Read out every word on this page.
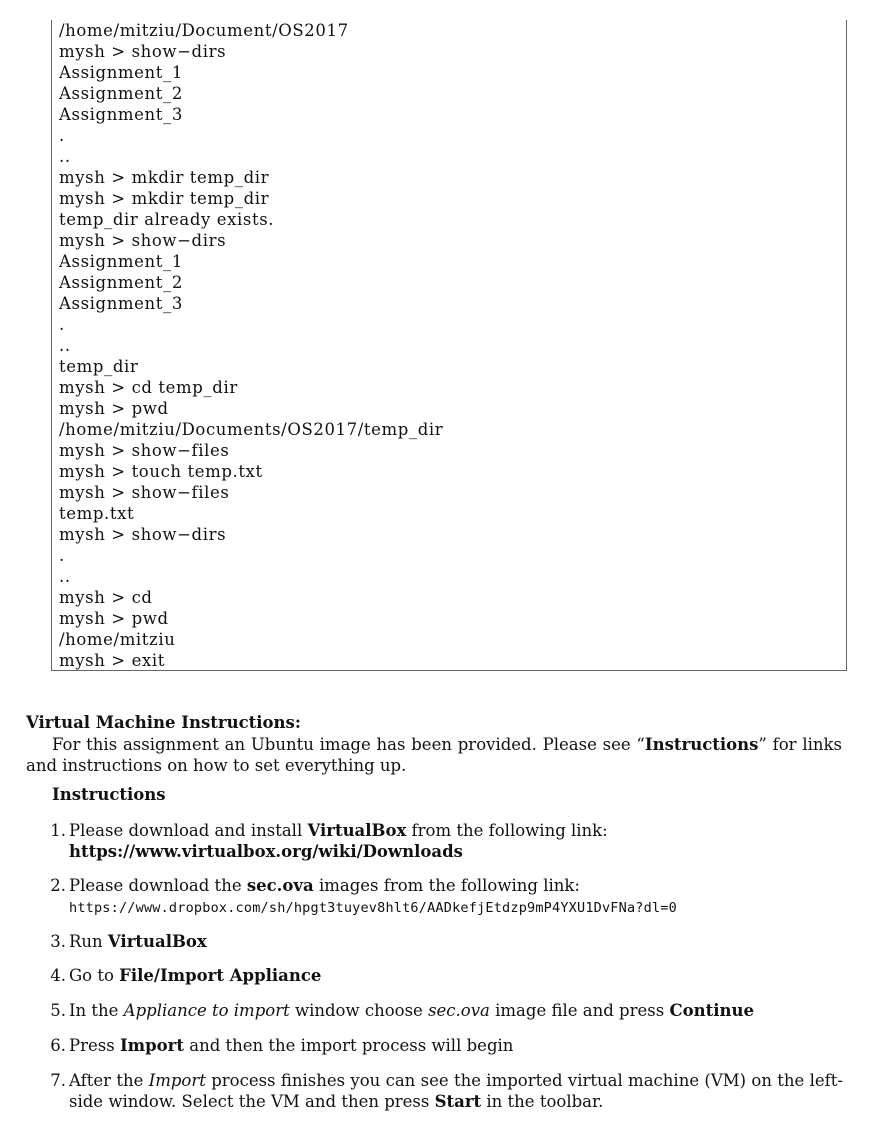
/home/mitziu/Document/OS2017
mysh > show−dirs
Assignment_1
Assignment_2
Assignment_3
.
..
mysh > mkdir temp_dir
mysh > mkdir temp_dir
temp_dir already exists.
mysh > show−dirs
Assignment_1
Assignment_2
Assignment_3
.
..
temp_dir
mysh > cd temp_dir
mysh > pwd
/home/mitziu/Documents/OS2017/temp_dir
mysh > show−files
mysh > touch temp.txt
mysh > show−files
temp.txt
mysh > show−dirs
.
..
mysh > cd
mysh > pwd
/home/mitziu
mysh > exit
Virtual Machine Instructions:
For this assignment an Ubuntu image has been provided. Please see “Instructions” for links and instructions on how to set everything up.
Instructions
1. Please download and install VirtualBox from the following link:
https://www.virtualbox.org/wiki/Downloads
2. Please download the sec.ova images from the following link:
https://www.dropbox.com/sh/hpgt3tuyev8hlt6/AADkefjEtdzp9mP4YXU1DvFNa?dl=0
3. Run VirtualBox
4. Go to File/Import Appliance
5. In the Appliance to import window choose sec.ova image file and press Continue
6. Press Import and then the import process will begin
7. After the Import process finishes you can see the imported virtual machine (VM) on the left-side window. Select the VM and then press Start in the toolbar.
